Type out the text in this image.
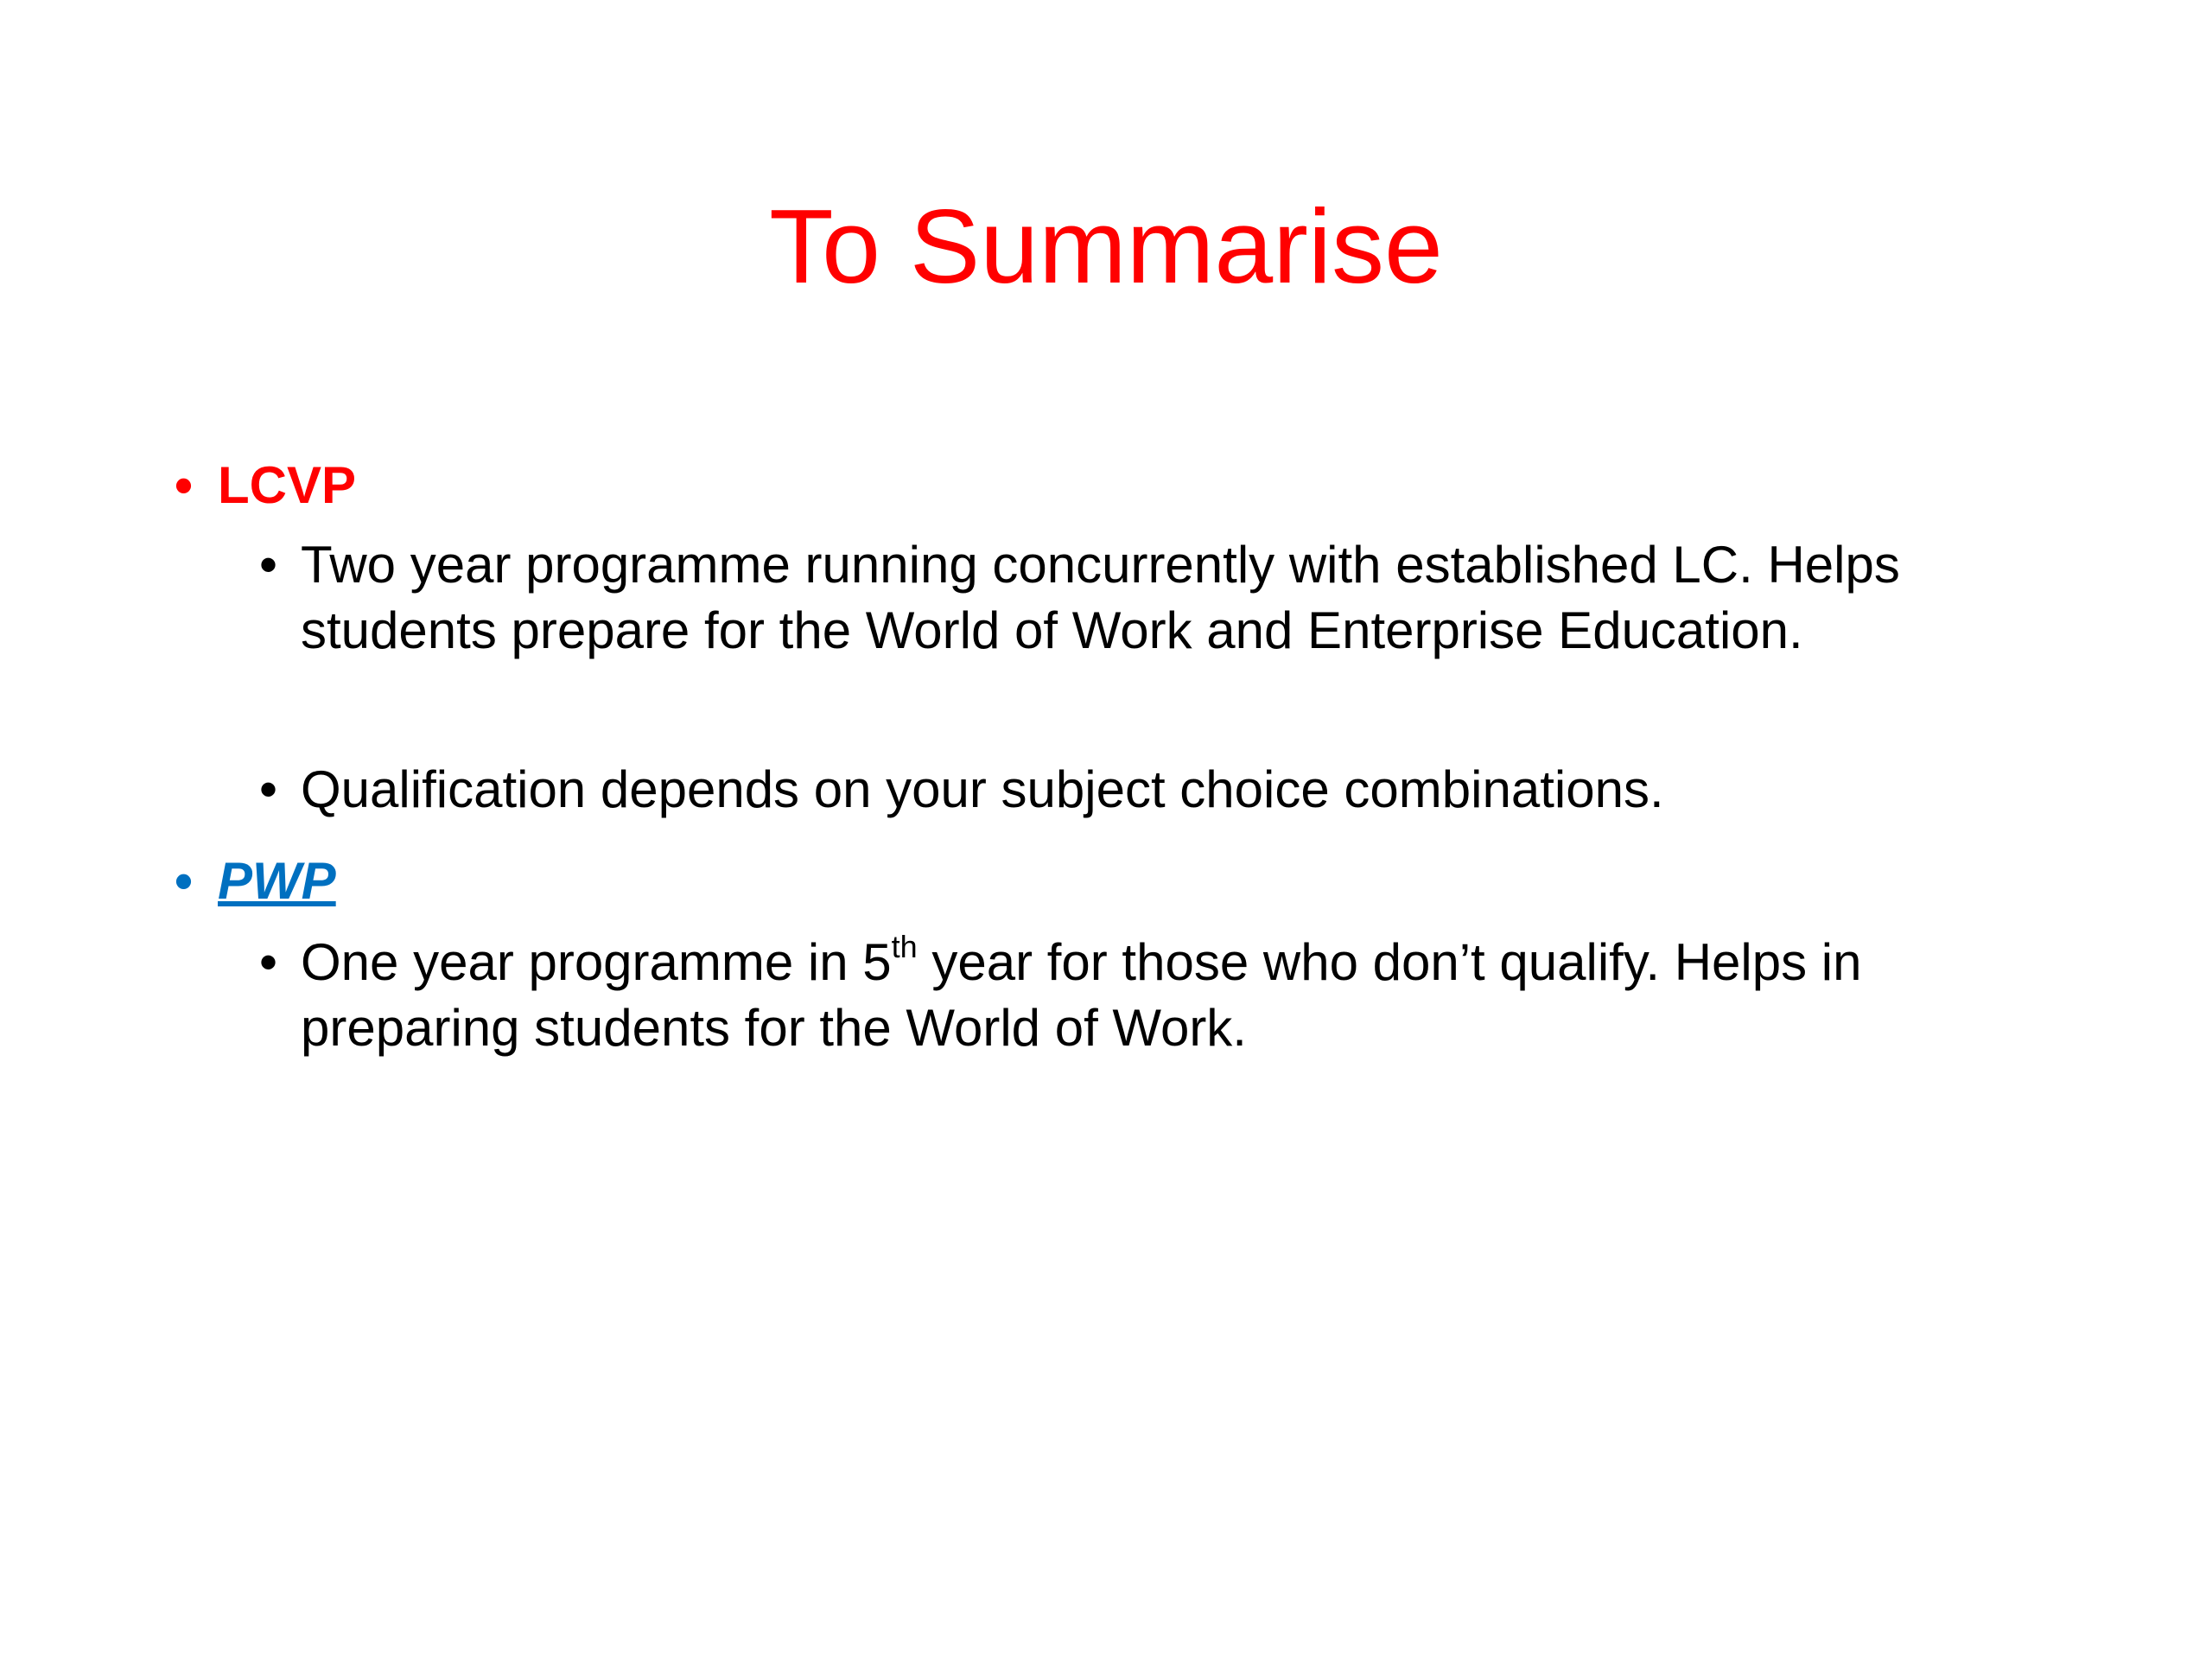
To Summarise
• LCVP
• Two year programme running concurrently with established LC. Helps students prepare for the World of Work and Enterprise Education.
• Qualification depends on your subject choice combinations.
• PWP
• One year programme in 5th year for those who don’t qualify. Helps in preparing students for the World of Work.
